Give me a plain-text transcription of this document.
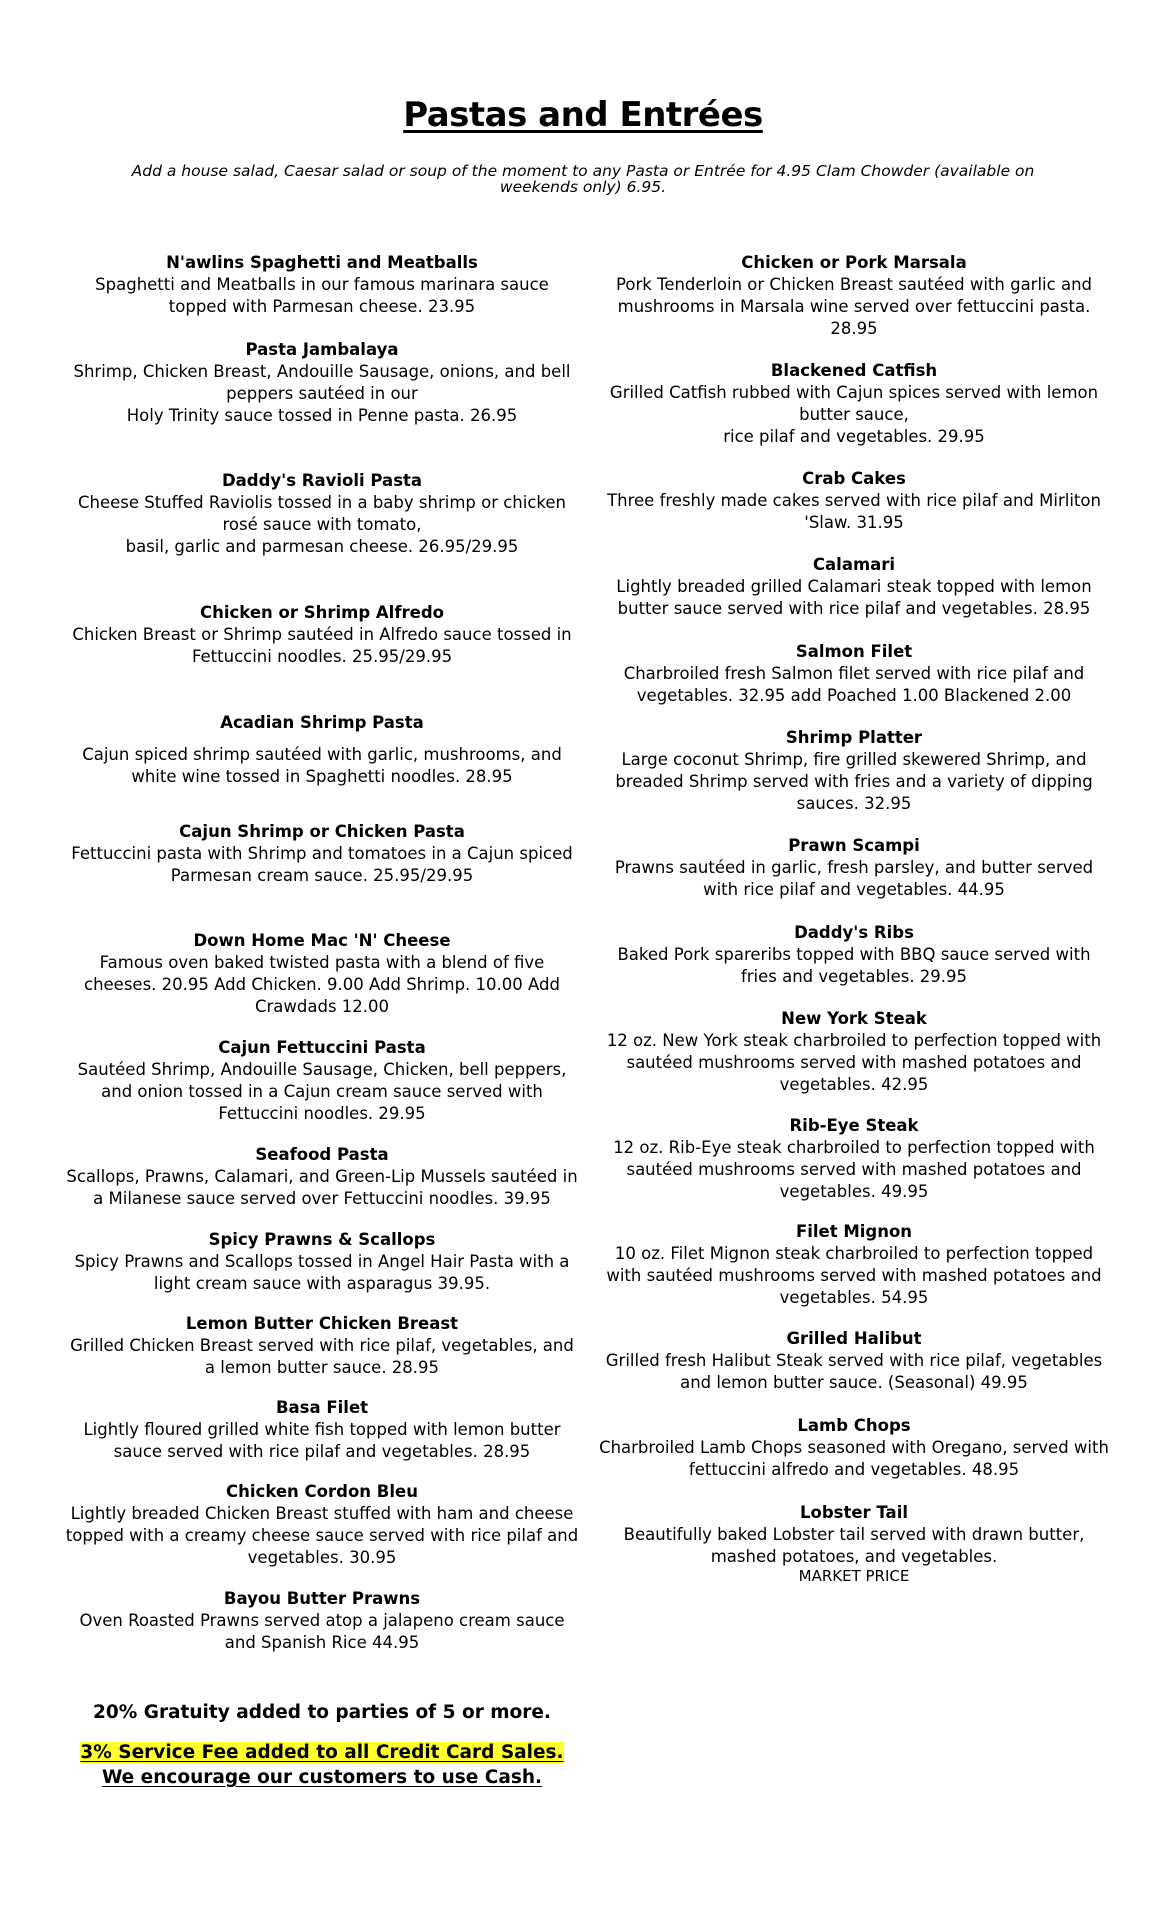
Pastas and Entrées
Add a house salad, Caesar salad or soup of the moment to any Pasta or Entrée for 4.95 Clam Chowder (available on weekends only) 6.95.
N'awlins Spaghetti and Meatballs
Spaghetti and Meatballs in our famous marinara sauce
topped with Parmesan cheese. 23.95
Pasta Jambalaya
Shrimp, Chicken Breast, Andouille Sausage, onions, and bell
peppers sautéed in our
Holy Trinity sauce tossed in Penne pasta. 26.95
Daddy's Ravioli Pasta
Cheese Stuffed Raviolis tossed in a baby shrimp or chicken
rosé sauce with tomato,
basil, garlic and parmesan cheese. 26.95/29.95
Chicken or Shrimp Alfredo
Chicken Breast or Shrimp sautéed in Alfredo sauce tossed in
Fettuccini noodles. 25.95/29.95
Acadian Shrimp Pasta
Cajun spiced shrimp sautéed with garlic, mushrooms, and
white wine tossed in Spaghetti noodles. 28.95
Cajun Shrimp or Chicken Pasta
Fettuccini pasta with Shrimp and tomatoes in a Cajun spiced
Parmesan cream sauce. 25.95/29.95
Down Home Mac 'N' Cheese
Famous oven baked twisted pasta with a blend of five
cheeses. 20.95 Add Chicken. 9.00 Add Shrimp. 10.00 Add
Crawdads 12.00
Cajun Fettuccini Pasta
Sautéed Shrimp, Andouille Sausage, Chicken, bell peppers,
and onion tossed in a Cajun cream sauce served with
Fettuccini noodles. 29.95
Seafood Pasta
Scallops, Prawns, Calamari, and Green-Lip Mussels sautéed in
a Milanese sauce served over Fettuccini noodles. 39.95
Spicy Prawns & Scallops
Spicy Prawns and Scallops tossed in Angel Hair Pasta with a
light cream sauce with asparagus 39.95.
Lemon Butter Chicken Breast
Grilled Chicken Breast served with rice pilaf, vegetables, and
a lemon butter sauce. 28.95
Basa Filet
Lightly floured grilled white fish topped with lemon butter
sauce served with rice pilaf and vegetables. 28.95
Chicken Cordon Bleu
Lightly breaded Chicken Breast stuffed with ham and cheese
topped with a creamy cheese sauce served with rice pilaf and
vegetables. 30.95
Bayou Butter Prawns
Oven Roasted Prawns served atop a jalapeno cream sauce
and Spanish Rice 44.95
Chicken or Pork Marsala
Pork Tenderloin or Chicken Breast sautéed with garlic and
mushrooms in Marsala wine served over fettuccini pasta.
28.95
Blackened Catfish
Grilled Catfish rubbed with Cajun spices served with lemon
butter sauce,
rice pilaf and vegetables. 29.95
Crab Cakes
Three freshly made cakes served with rice pilaf and Mirliton
'Slaw. 31.95
Calamari
Lightly breaded grilled Calamari steak topped with lemon
butter sauce served with rice pilaf and vegetables. 28.95
Salmon Filet
Charbroiled fresh Salmon filet served with rice pilaf and
vegetables. 32.95 add Poached 1.00 Blackened 2.00
Shrimp Platter
Large coconut Shrimp, fire grilled skewered Shrimp, and
breaded Shrimp served with fries and a variety of dipping
sauces. 32.95
Prawn Scampi
Prawns sautéed in garlic, fresh parsley, and butter served
with rice pilaf and vegetables. 44.95
Daddy's Ribs
Baked Pork spareribs topped with BBQ sauce served with
fries and vegetables. 29.95
New York Steak
12 oz. New York steak charbroiled to perfection topped with
sautéed mushrooms served with mashed potatoes and
vegetables. 42.95
Rib-Eye Steak
12 oz. Rib-Eye steak charbroiled to perfection topped with
sautéed mushrooms served with mashed potatoes and
vegetables. 49.95
Filet Mignon
10 oz. Filet Mignon steak charbroiled to perfection topped
with sautéed mushrooms served with mashed potatoes and
vegetables. 54.95
Grilled Halibut
Grilled fresh Halibut Steak served with rice pilaf, vegetables
and lemon butter sauce. (Seasonal) 49.95
Lamb Chops
Charbroiled Lamb Chops seasoned with Oregano, served with
fettuccini alfredo and vegetables. 48.95
Lobster Tail
Beautifully baked Lobster tail served with drawn butter,
mashed potatoes, and vegetables.
MARKET PRICE
20% Gratuity added to parties of 5 or more.
3% Service Fee added to all Credit Card Sales.
We encourage our customers to use Cash.
